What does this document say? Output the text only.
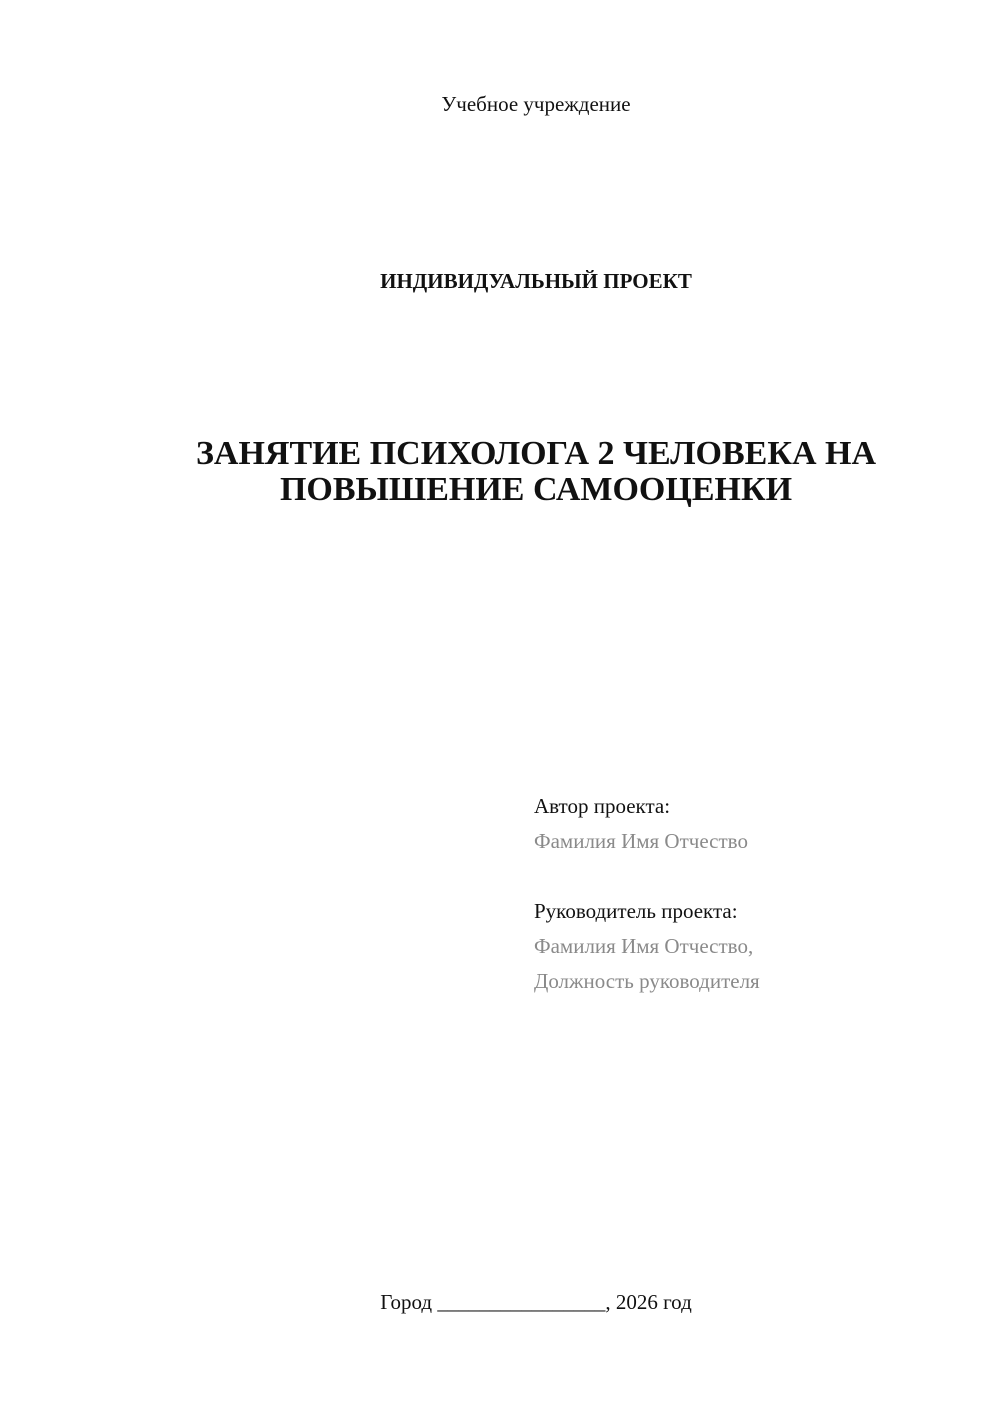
Учебное учреждение
ИНДИВИДУАЛЬНЫЙ ПРОЕКТ
ЗАНЯТИЕ ПСИХОЛОГА 2 ЧЕЛОВЕКА НА
ПОВЫШЕНИЕ САМООЦЕНКИ
Автор проекта:
Фамилия Имя Отчество
Руководитель проекта:
Фамилия Имя Отчество,
Должность руководителя
Город ________________, 2026 год
